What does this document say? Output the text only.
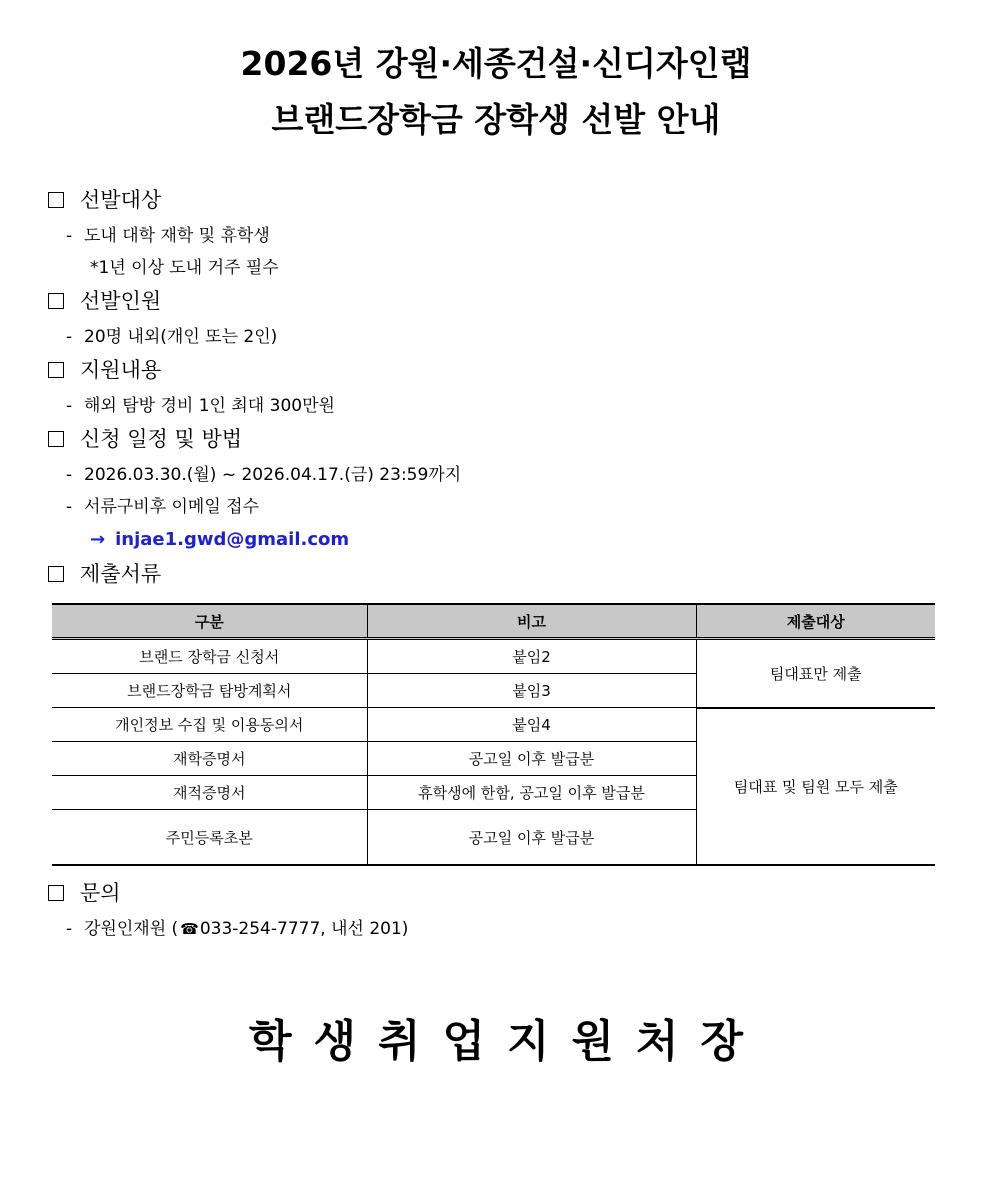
2026년 강원·세종건설·신디자인랩
브랜드장학금 장학생 선발 안내
선발대상
- 도내 대학 재학 및 휴학생
*1년 이상 도내 거주 필수
선발인원
- 20명 내외(개인 또는 2인)
지원내용
- 해외 탐방 경비 1인 최대 300만원
신청 일정 및 방법
- 2026.03.30.(월) ~ 2026.04.17.(금) 23:59까지
- 서류구비후 이메일 접수
→ injae1.gwd@gmail.com
제출서류
구분	비고	제출대상
브랜드 장학금 신청서	붙임2	팀대표만 제출
브랜드장학금 탐방계획서	붙임3	
개인정보 수집 및 이용동의서	붙임4	팀대표 및 팀원 모두 제출
재학증명서	공고일 이후 발급분	
재적증명서	휴학생에 한함, 공고일 이후 발급분	
주민등록초본	공고일 이후 발급분	
문의
- 강원인재원 ( ☎033-254-7777, 내선 201)
학생취업지원처장
